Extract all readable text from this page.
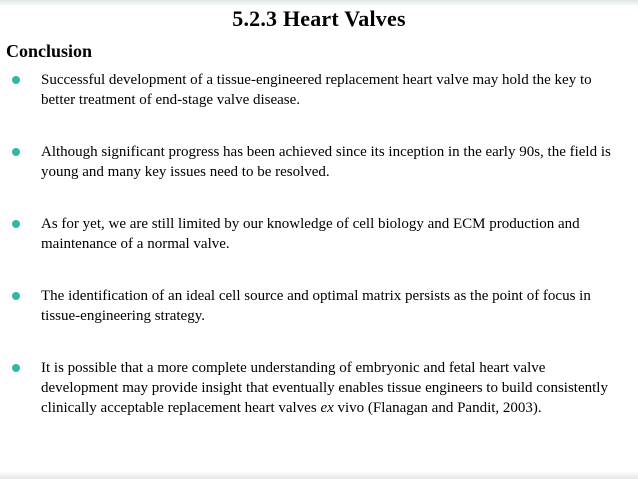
5.2.3 Heart Valves
Conclusion
Successful development of a tissue-engineered replacement heart valve may hold the key to better treatment of end-stage valve disease.
Although significant progress has been achieved since its inception in the early 90s, the field is young and many key issues need to be resolved.
As for yet, we are still limited by our knowledge of cell biology and ECM production and maintenance of a normal valve.
The identification of an ideal cell source and optimal matrix persists as the point of focus in tissue-engineering strategy.
It is possible that a more complete understanding of embryonic and fetal heart valve development may provide insight that eventually enables tissue engineers to build consistently clinically acceptable replacement heart valves ex vivo (Flanagan and Pandit, 2003).
